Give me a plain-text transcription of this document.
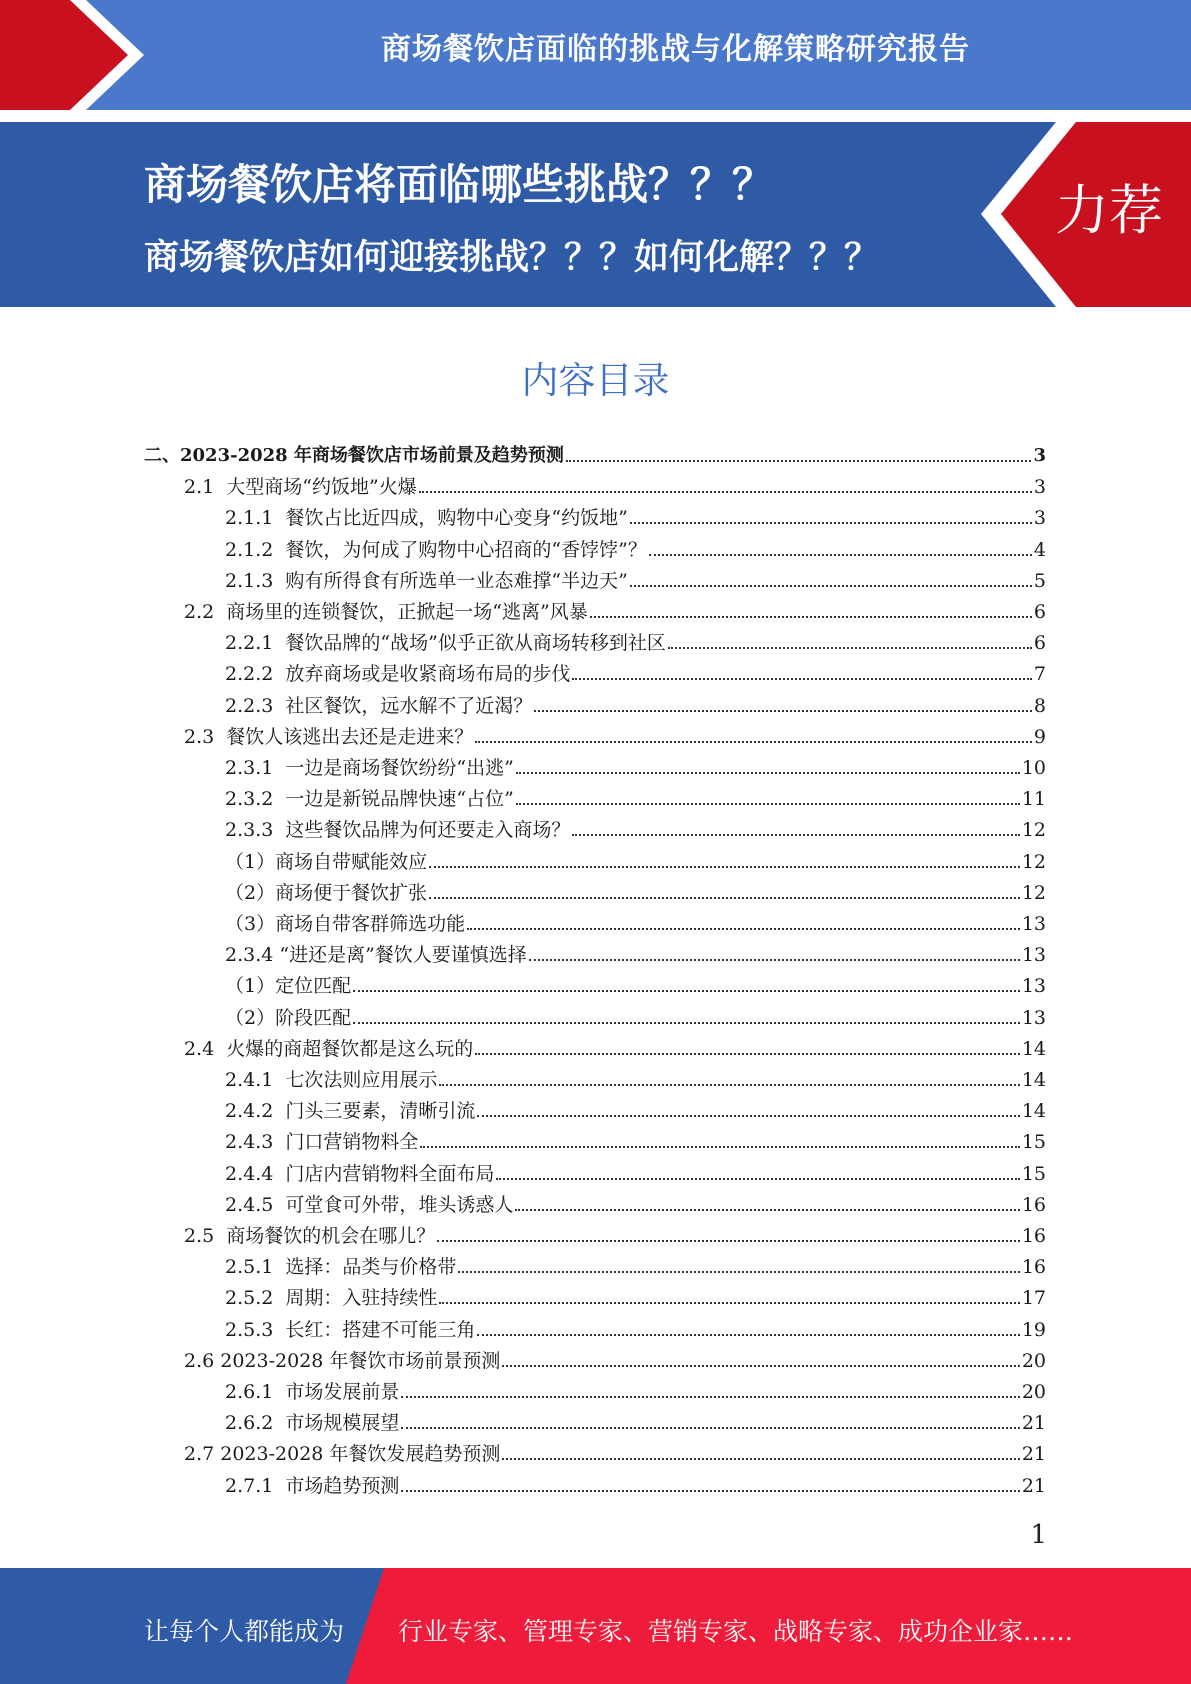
商场餐饮店面临的挑战与化解策略研究报告
商场餐饮店将面临哪些挑战？？？
商场餐饮店如何迎接挑战？？？如何化解？？？
力荐
内容目录
二、2023-2028 年商场餐饮店市场前景及趋势预测	3
2.1  大型商场“约饭地”火爆	3
2.1.1  餐饮占比近四成，购物中心变身“约饭地”	3
2.1.2  餐饮，为何成了购物中心招商的“香饽饽”？	4
2.1.3  购有所得食有所选单一业态难撑“半边天”	5
2.2  商场里的连锁餐饮，正掀起一场“逃离”风暴	6
2.2.1  餐饮品牌的“战场”似乎正欲从商场转移到社区	6
2.2.2  放弃商场或是收紧商场布局的步伐	7
2.2.3  社区餐饮，远水解不了近渴？	8
2.3  餐饮人该逃出去还是走进来？	9
2.3.1  一边是商场餐饮纷纷“出逃”	10
2.3.2  一边是新锐品牌快速“占位”	11
2.3.3  这些餐饮品牌为何还要走入商场？	12
（1）商场自带赋能效应	12
（2）商场便于餐饮扩张	12
（3）商场自带客群筛选功能	13
2.3.4 “进还是离”餐饮人要谨慎选择	13
（1）定位匹配	13
（2）阶段匹配	13
2.4  火爆的商超餐饮都是这么玩的	14
2.4.1  七次法则应用展示	14
2.4.2  门头三要素，清晰引流	14
2.4.3  门口营销物料全	15
2.4.4  门店内营销物料全面布局	15
2.4.5  可堂食可外带，堆头诱惑人	16
2.5  商场餐饮的机会在哪儿？	16
2.5.1  选择：品类与价格带	16
2.5.2  周期：入驻持续性	17
2.5.3  长红：搭建不可能三角	19
2.6 2023-2028 年餐饮市场前景预测	20
2.6.1  市场发展前景	20
2.6.2  市场规模展望	21
2.7 2023-2028 年餐饮发展趋势预测	21
2.7.1  市场趋势预测	21
1
让每个人都能成为 行业专家、管理专家、营销专家、战略专家、成功企业家……
